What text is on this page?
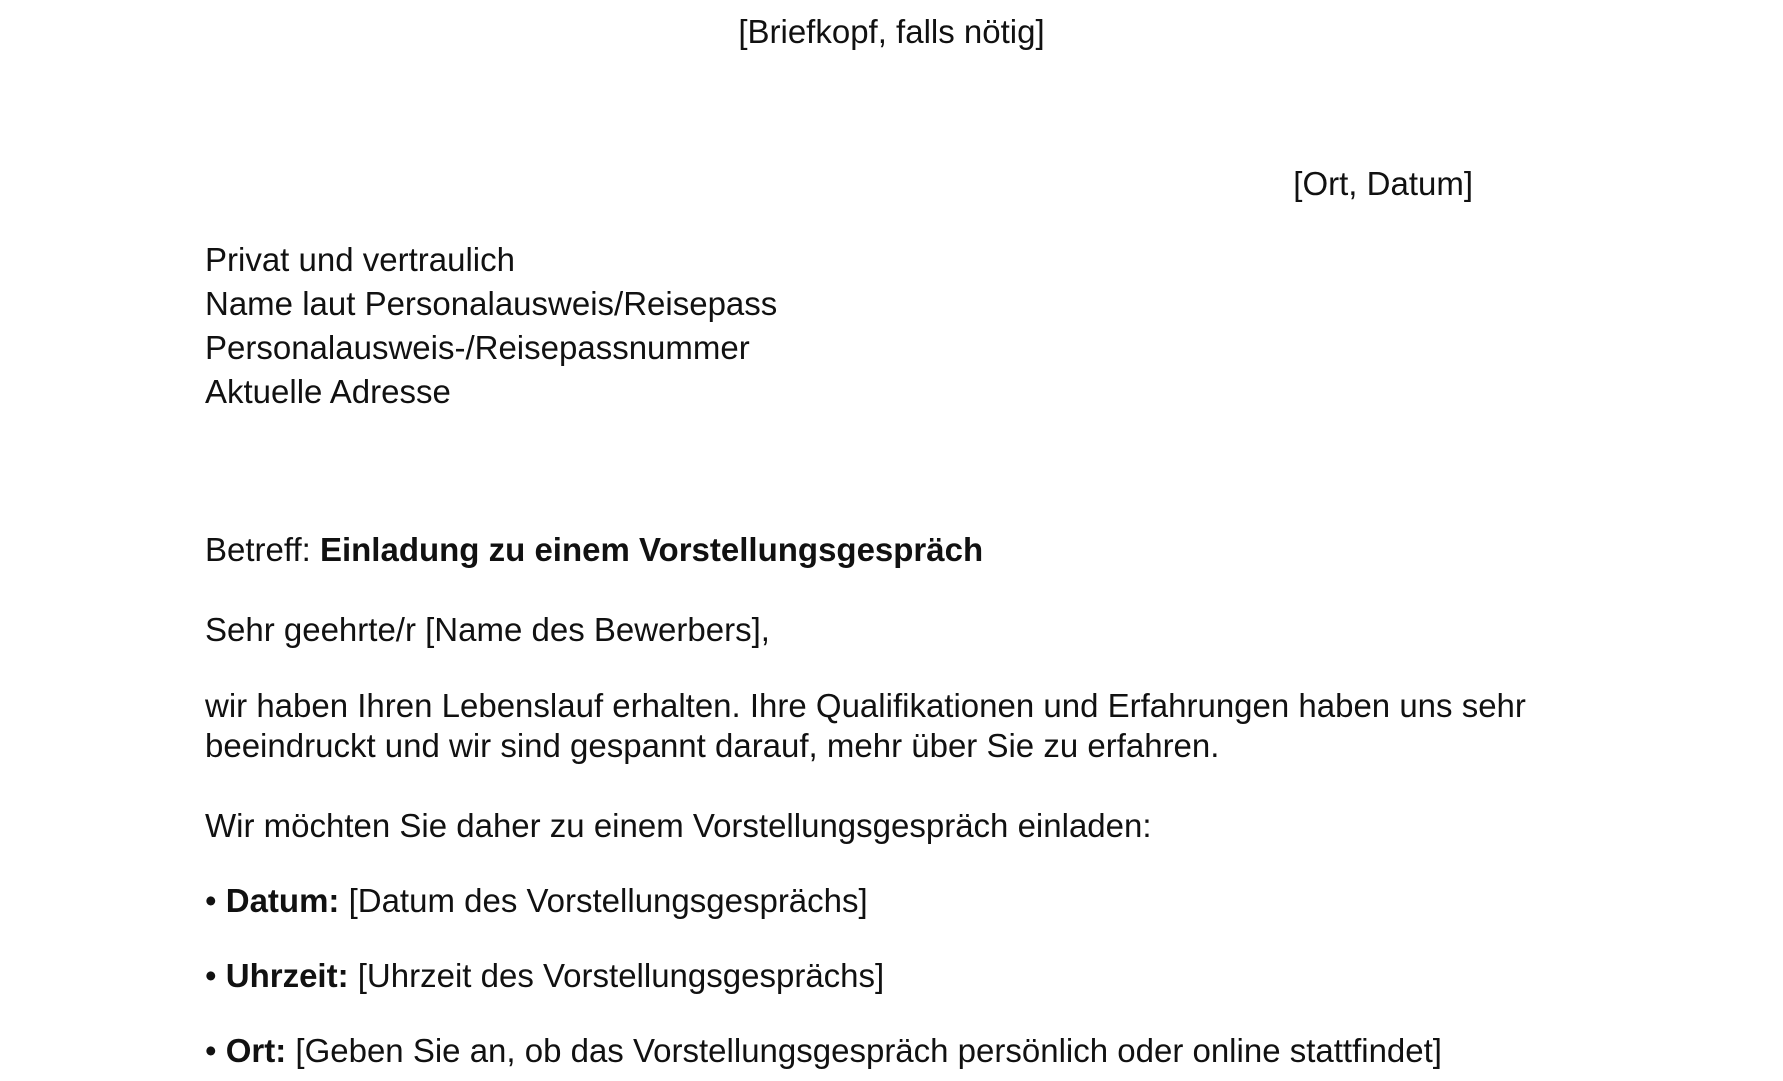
[Briefkopf, falls nötig]
[Ort, Datum]
Privat und vertraulich
Name laut Personalausweis/Reisepass
Personalausweis-/Reisepassnummer
Aktuelle Adresse
Betreff: Einladung zu einem Vorstellungsgespräch
Sehr geehrte/r [Name des Bewerbers],
wir haben Ihren Lebenslauf erhalten. Ihre Qualifikationen und Erfahrungen haben uns sehr
beeindruckt und wir sind gespannt darauf, mehr über Sie zu erfahren.
Wir möchten Sie daher zu einem Vorstellungsgespräch einladen:
• Datum: [Datum des Vorstellungsgesprächs]
• Uhrzeit: [Uhrzeit des Vorstellungsgesprächs]
• Ort: [Geben Sie an, ob das Vorstellungsgespräch persönlich oder online stattfindet]
